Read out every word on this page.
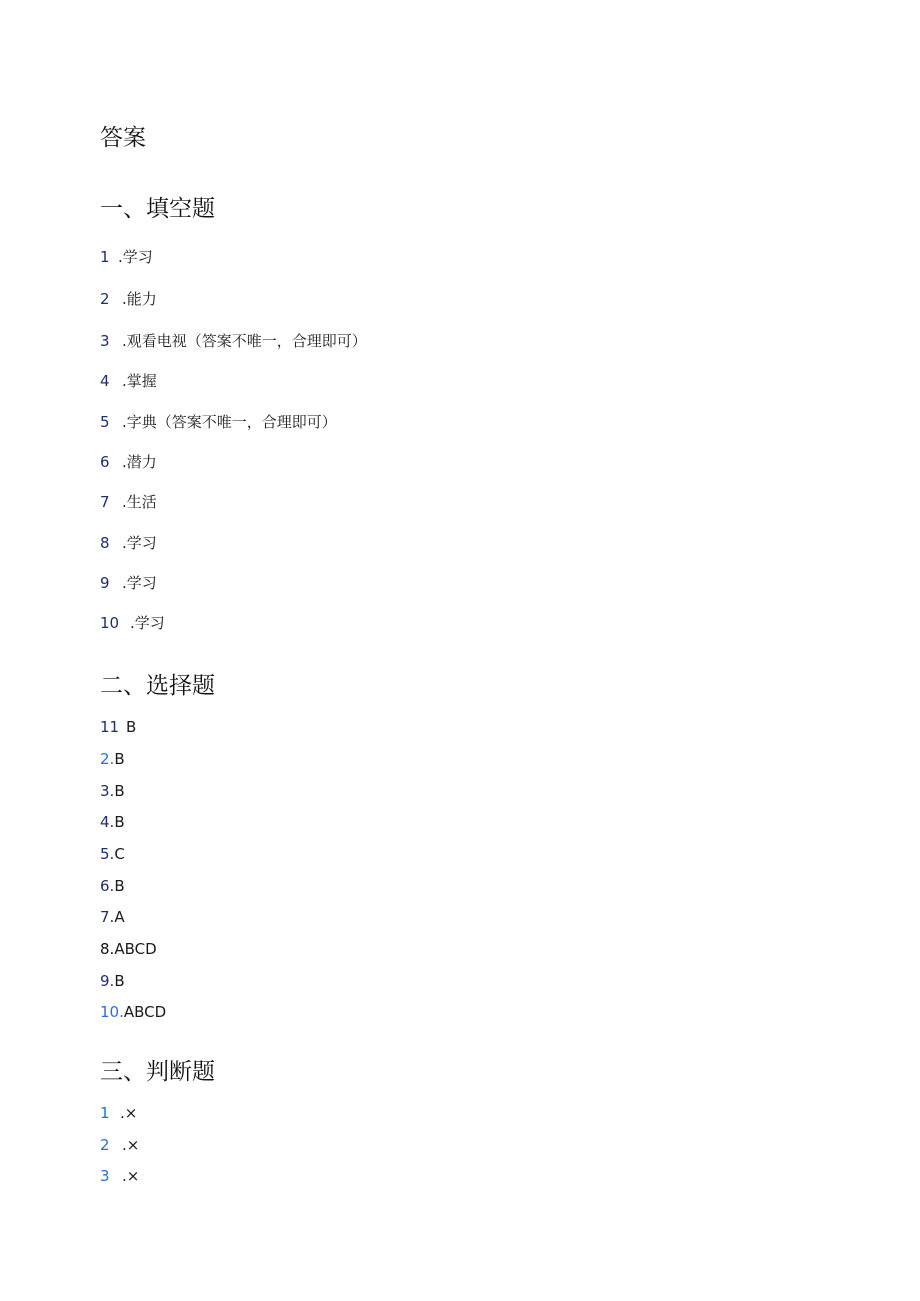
答案
一、填空题
1 .学习
2 .能力
3 .观看电视（答案不唯一，合理即可）
4 .掌握
5 .字典（答案不唯一，合理即可）
6 .潜力
7 .生活
8 .学习
9 .学习
10 .学习
二、选择题
11 B
2.B
3.B
4.B
5.C
6.B
7.A
8.ABCD
9.B
10.ABCD
三、判断题
1 .×
2 .×
3 .×
